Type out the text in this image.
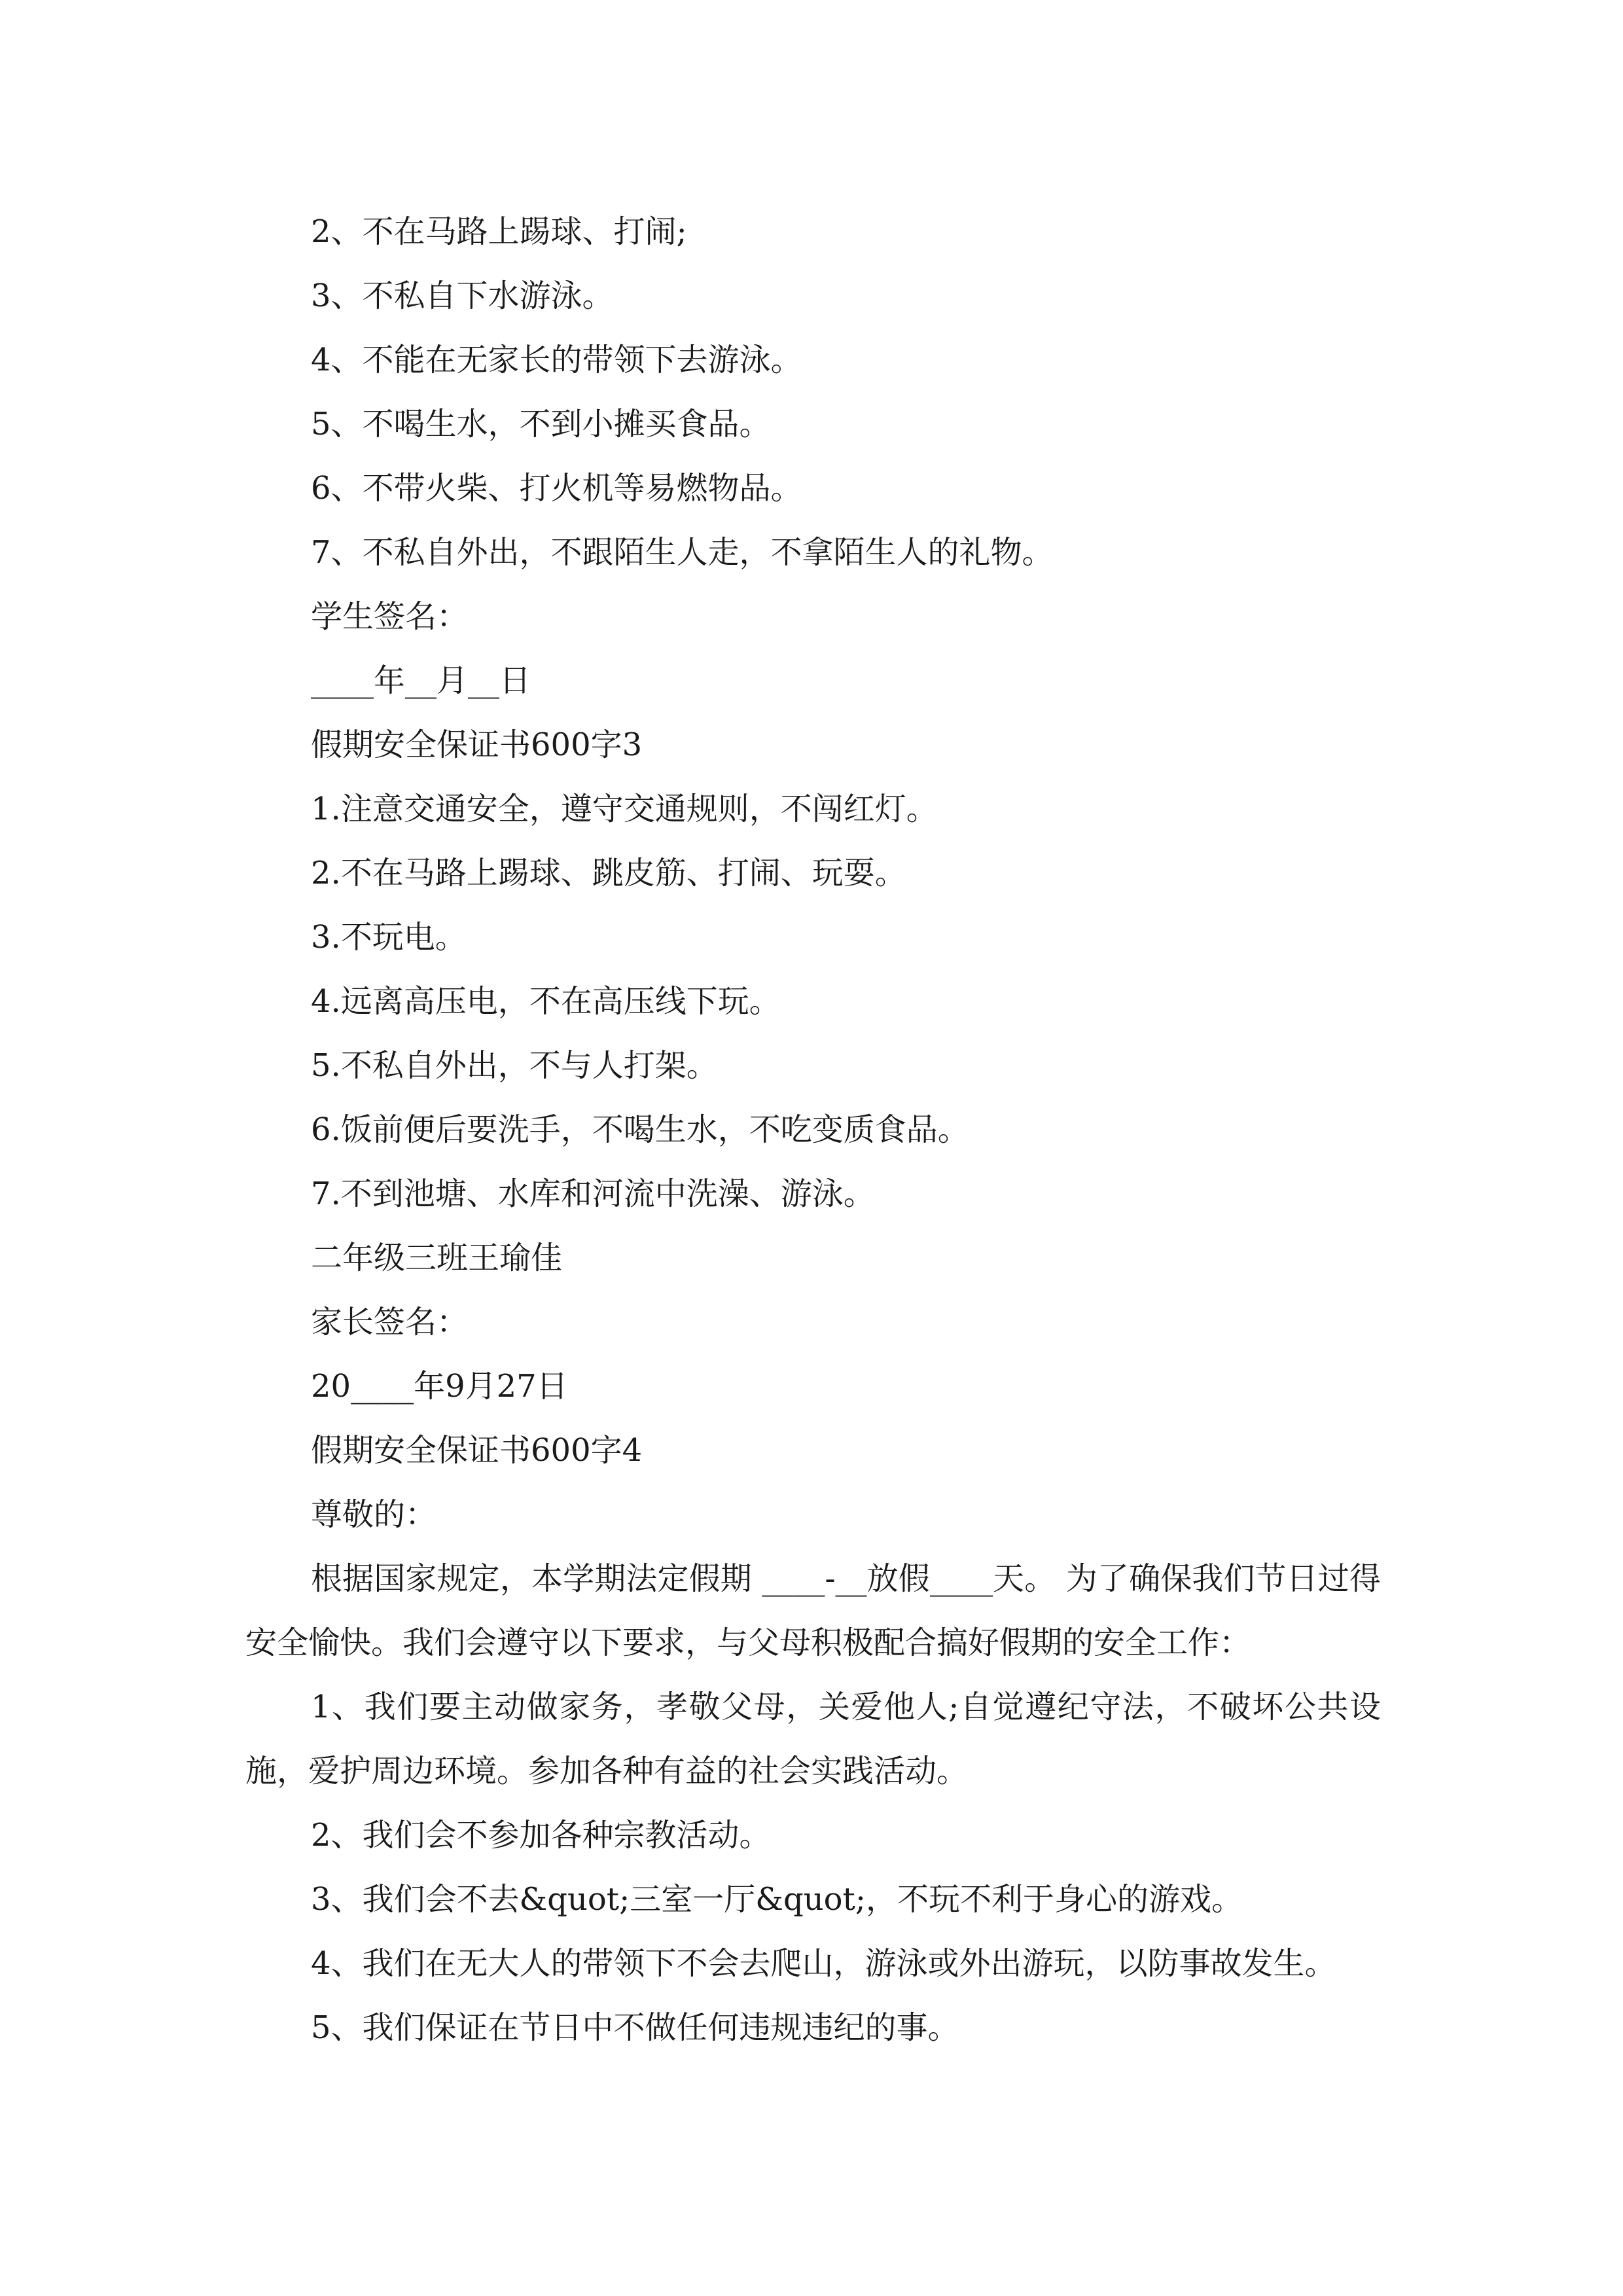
2、不在马路上踢球、打闹;

3、不私自下水游泳。

4、不能在无家长的带领下去游泳。

5、不喝生水，不到小摊买食品。

6、不带火柴、打火机等易燃物品。

7、不私自外出，不跟陌生人走，不拿陌生人的礼物。

学生签名：

____年__月__日

假期安全保证书600字3

1.注意交通安全，遵守交通规则，不闯红灯。

2.不在马路上踢球、跳皮筋、打闹、玩耍。

3.不玩电。

4.远离高压电，不在高压线下玩。

5.不私自外出，不与人打架。

6.饭前便后要洗手，不喝生水，不吃变质食品。

7.不到池塘、水库和河流中洗澡、游泳。

二年级三班王瑜佳

家长签名：

20____年9月27日

假期安全保证书600字4

尊敬的：

根据国家规定，本学期法定假期 ____-__放假____天。 为了确保我们节日过得安全愉快。我们会遵守以下要求，与父母积极配合搞好假期的安全工作：

1、我们要主动做家务，孝敬父母，关爱他人;自觉遵纪守法，不破坏公共设施，爱护周边环境。参加各种有益的社会实践活动。

2、我们会不参加各种宗教活动。

3、我们会不去&quot;三室一厅&quot;，不玩不利于身心的游戏。

4、我们在无大人的带领下不会去爬山，游泳或外出游玩，以防事故发生。

5、我们保证在节日中不做任何违规违纪的事。
